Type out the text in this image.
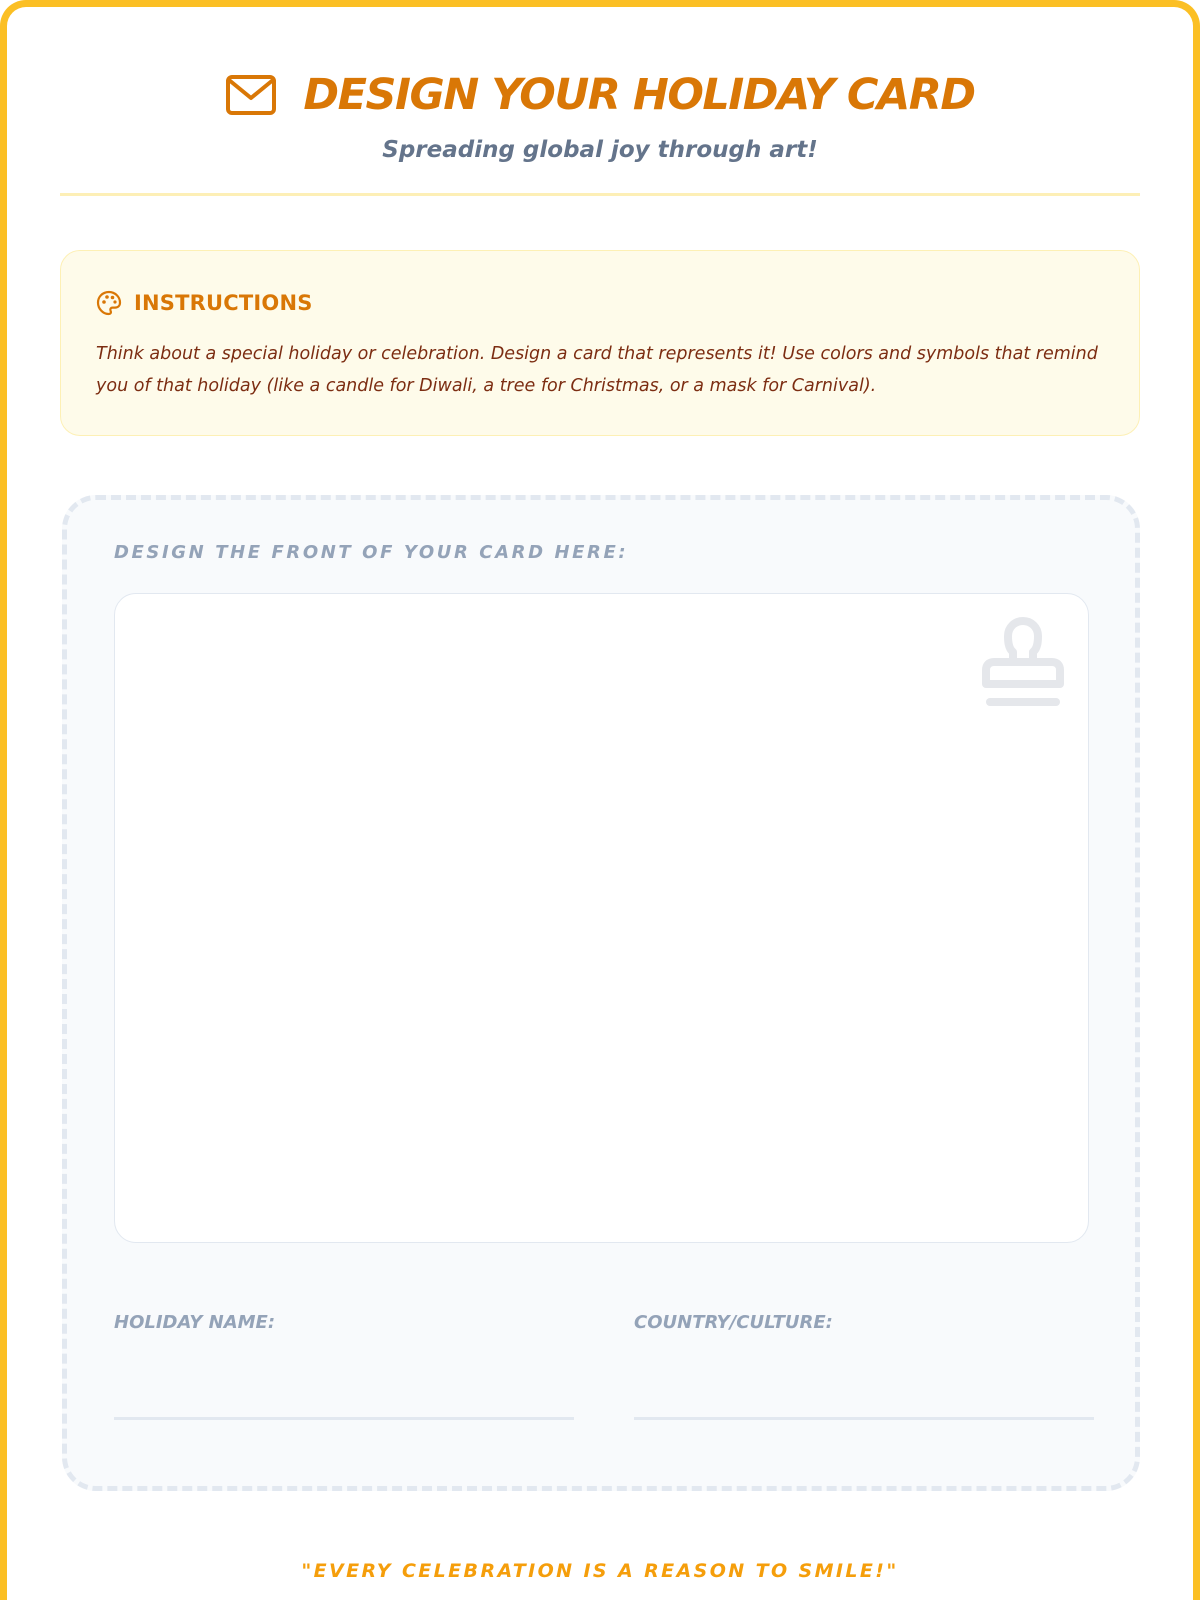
DESIGN YOUR HOLIDAY CARD
Spreading global joy through art!
INSTRUCTIONS
Think about a special holiday or celebration. Design a card that represents it! Use colors and symbols that remind you of that holiday (like a candle for Diwali, a tree for Christmas, or a mask for Carnival).
DESIGN THE FRONT OF YOUR CARD HERE:
HOLIDAY NAME:	COUNTRY/CULTURE:
"EVERY CELEBRATION IS A REASON TO SMILE!"
